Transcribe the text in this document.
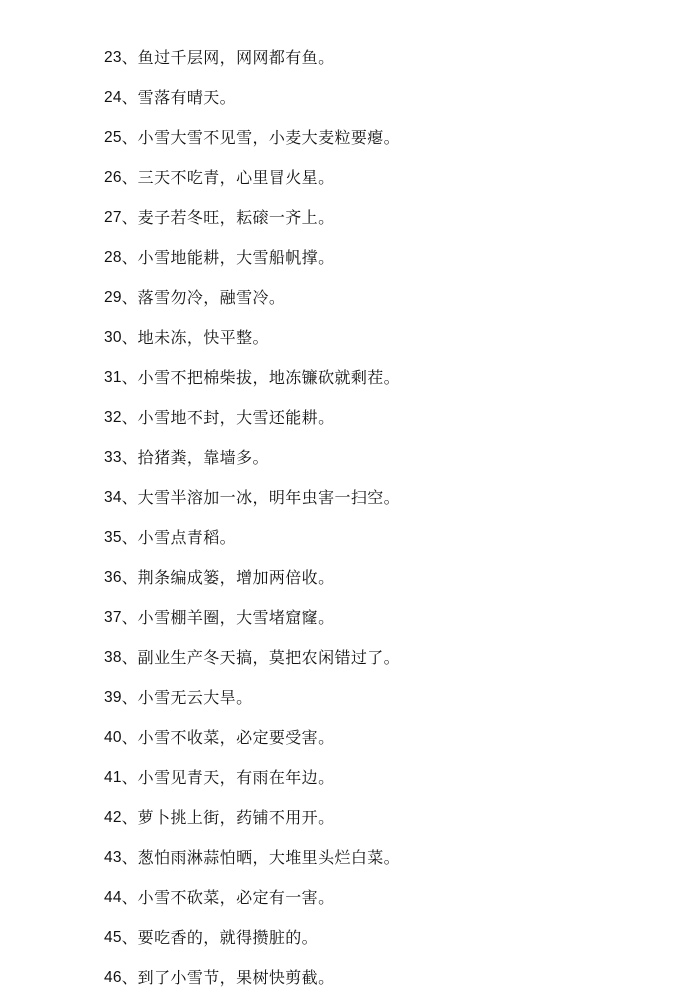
23 、 鱼过千层网，网网都有鱼。
24 、 雪落有晴天。
25 、 小雪大雪不见雪，小麦大麦粒要瘪。
26 、 三天不吃青，心里冒火星。
27 、 麦子若冬旺，耘磙一齐上。
28 、 小雪地能耕，大雪船帆撑。
29 、 落雪勿冷，融雪冷。
30 、 地未冻，快平整。
31 、 小雪不把棉柴拔，地冻镰砍就剩茬。
32 、 小雪地不封，大雪还能耕。
33 、 拾猪粪，靠墙多。
34 、 大雪半溶加一冰，明年虫害一扫空。
35 、 小雪点青稻。
36 、 荆条编成篓，增加两倍收。
37 、 小雪棚羊圈，大雪堵窟窿。
38 、 副业生产冬天搞，莫把农闲错过了。
39 、 小雪无云大旱。
40 、 小雪不收菜，必定要受害。
41 、 小雪见青天，有雨在年边。
42 、 萝卜挑上街，药铺不用开。
43 、 葱怕雨淋蒜怕晒，大堆里头烂白菜。
44 、 小雪不砍菜，必定有一害。
45 、 要吃香的，就得攒脏的。
46 、 到了小雪节，果树快剪截。
